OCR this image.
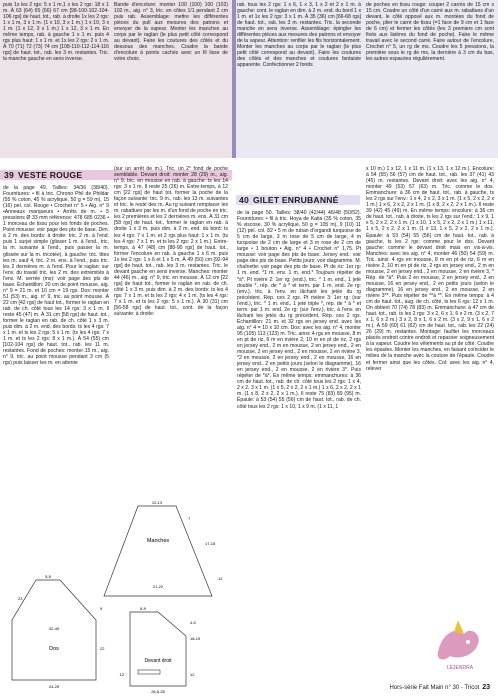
puis 1x les 2 rgs: 5 x 1 m,1 x les 2 rgs: 18 x 1 m. À 63 (64) 65 (66) 67 cm [98-100-102-104-106 rgs] de haut. tot., rab. à droite 1x les 2 rgs: 1 x 1 m, 3 x 1 m. (1 x 10, 3 x 1 m.) 1 x 10, 3 x 1 m. (1 x 12, 3 x 1 m.) 1 x 12, 3 x 1 m. En même temps, rab. à gauche 1 x 1 m. puis 4 rgs plus haut: 1 x 1 m. et 1x les 2 rgs: 2 x 1 m. À 70 (71) 72 (73) 74 cm [108-110-112-114-116 rgs] de haut. tot., rab. les 3 m. restantes. Tric. la manche gauche en sens inverse.

Bande d'encolure: monter 100 (100) 100 (102) 102 m., aig. n° 3, tric. en côtes 1/1 pendant 2 cm puis rab. Assemblage: mettre les différentes pièces du pull aux mesures des patrons et envoyer de la vapeur. Monter les manches au corps par le raglan (le plus petit côté correspond au devant). Faire les coutures des côtés et du dessous des manches. Coudre la bande d'encolure à points cachés avec un fil lisse de votre choix.

rab. tous les 2 rgs: 1 x 6, 1 x 3, 1 x 2 et 2 x 1 m. à gauche: cont. le raglan en dim. à 2 m. end. du bord 1 x 1 m. et 1x les 2 rgs: 3 x 1 m. À 35 (36) cm [66-68 rgs] de haut. tot., rab. les 3 m. restantes. Tric. la seconde manche en sens inverse. Assemblage: épingler les différentes pièces aux mesures des patrons et envoyer de la vapeur. Attention: renfiler les fils horizontalement. Monter les manches au corps par le raglan (le plus petit côté correspond au devant). Faire les coutures des côtés et des manches et coutures fantaisie apparente. Confectionner 2 fonds

de poches en tissu rouge: couper 2 carrés de 15 cm x 15 cm. Coudre un côté d'un carré aux m. rabattues d'un devant, le côté opposé aux m. montées du fond de poche, plier le carré de tissu (=1 face de 9 cm et 1 face de 6 cm) et fermer les côtés (les 3 premiers cm sont fixés aux lisières du fond de poche). Faire le même travail avec le second carré. Faire autour de l'encolure, Crochet n° 5, un rg de ms. Coudre les 5 pressions, la première sous le rg de ms, la dernière à 3 cm du bas, les autres espacées régulièrement.

39 VESTE ROUGE

de la page 49. Tailles: 34/36 (38/40). Fournitures: • fil à tric. Chrono Phil de Phildar (55 % coton, 45 % acrylique, 50 g = 59 m), 15 (16) pel. col. Rouge • Crochet n° 5 • Aig. n° 9 •Anneaux marqueurs • Arrêts de m. • 5 pressions Ø 33 mm référence: 478 685 0236 • 1 morceau de tissu pour les fonds de poches. Point mousse: voir page des pts de base. Dim. à 2 m. des bords: à droite: tric. 2 m. à l'end. puis 1 surjet simple (glisser 1 m. à l'end., tric. la m. suivante à l'end., puis passer la m. glissée sur la m. tricotée). à gauche: tric. tttes les m. sauf 4, tric. 2 m. ens. à l'end., puis tric. les 2 dernières m. à l'end. Pour le raglan: sur l'env. du travail tric. les 2 m. des extrémités à l'env. M. serrée (ms): voir page des pts de base. Échantillon: 20 cm de point mousse, aig. n° 9 = 21 m. et 10 cm = 19 rgs. Dos: monter 51 (53) m., aig. n° 9, tric. au point mousse. À 22 cm [42 rgs] de haut tot., former le raglan en rab. de ch. côté tous les 14 rgs: 3 x 1 m. Il reste 45 (47) m. À 31 cm [58 rgs] de haut. tot., former le raglan en rab. de ch. côté 1 x 3 m. puis dim. à 2 m. end. des bords: ts les 4 rgs: 7 x 1 m. et ts les 2 rgs: 5 x 1 m. (ts les 4 rgs: 7 x 1 m. et ts les 2 rgs: 8 x 1 m.). À 54 (55) cm [102-104 rgs] de haut. tot., rab. les 11 m. restantes. Fond de poches: monter 15 m., aig. n° 9, tric. au point mousse pendant 3 cm (5 rgs) puis laisser les m. en attente

(sur un arrêt de m.). Tric. un 2° fond de poche semblable. Devant droit: monter 28 (29) m., aig. n° 9, tric. en mousse en rab. à gauche: ts les 14 rgs: 3 x 1 m. Il reste 25 (26) m. Entre-temps, à 12 cm [22 rgs] de haut tot. former la poche de la façon suivante: tric. 9 m., rab. les 13 m. suivantes et tric. le reste des m. Au rg suivant remplacer les m. rabattues par les m. d'un fond de poche en tric. les 2 premières et les 2 dernières m. ens. À 31 cm [58 rgs] de haut. tot., former le raglan en rab. à droite 1 x 3 m. puis dim. à 2 m. end. du bord: ts les 4 rgs: 7 x 1 m. et 2 rgs plus haut: 1 x 1 m. (ts les 4 rgs: 7 x 1 m. et ts les 2 rgs: 2 x 1 m.). Entre-temps, à 47 (48) cm [88-90 rgs] de haut. tot., former l'encolure en rab. à gauche 1 x 6 m. puis 1x les 2 rgs: 1 x 6 et 1 x 5 m. À 49 (50) cm [92-94 rgs] de haut. tot., rab. les 3 m. restantes. Tric. le devant gauche en sens inverse. Manches: monter 44 (46) m., aig. n° 9, tric. en mousse. À 12 cm [22 rgs] de haut tot., former le raglan en rab. de ch. côté 1 x 3 m. puis dim. à 2 m. des bords: ts les 4 rgs: 7 x 1 m. et ts les 2 rgs: 4 x 1 m. (ts les 4 rgs: 7 x 1 m. et ts les 2 rgs: 5 x 1 m.). À 30 (31) cm [56-58 rgs] de haut. tot., cont. de la façon suivante: à droite:

40 GILET ENRUBANNÉ

de la page 50. Tailles: 38/40 (42/44) 46/48 (50/52). Fournitures: • fil à tric. Hoya de Katia (35 % coton, 35 % viscose, 30 % acrylique, 50 g = 105 m), 9 (10) 11 (12) pel. col. 82 • 5 m de ruban d'organdi turquoise de 5 cm de large, 3 m rose de 5 cm de large, 4 m turquoise de 2 cm de large et 3 m rose de 2 cm de large • 1 bouton • Aig. n° 4 • Crochet n° 1,75. Pt mousse: voir page des pts de base. Jersey end.: voir page des pts de base. Petits jours: voir diagramme. M. chaînette: voir page des pts de base. Pt de riz: 1er rg: 1 m. end. *1 m. env. 1 m. end.* Toujours répéter de *à*. Pt rivière 2: 1er rg: (end.), tric. * 1 m. end., 1 jeté double *, rép. de * à * et term. par 1 m. end. 2e rg: (env.), tric. à l'env. en lâchant les jetés du rg précédent. Rép. ces 2 rgs. Pt rivière 3: 1er rg: (sur l'end.), tric. * 1 m. end., 1 jeté triple *, rép. de * à * et term. par 1 m. end. 2e rg: (sur l'env.), tric. à l'env. en lâchant les jetés du rg précédent. Rép. ces 2 rgs. Échantillon: 21 m. et 32 rgs en jersey end. avec les aig. n° 4 = 10 x 10 cm. Dos: avec les aig. n° 4, monter 95 (105) 113 (123) m. Tric. ainsi: 4 rgs en mousse, 8 m en pt de riz, 6 m en rivière 2, 10 m en pt de riz, 2 rgs en jersey end., 2 m en mousse, 2 en jersey end., 2 en mousse, 2 en jersey end., 2 en mousse, 2 en rivière 3, *2 en mousse, 2 en jersey end., 2 en mousse, 16 en jersey end., 2 en petits jours (selon le diagramme), 16 en jersey end., 2 en mousse, 2 en rivière 3*. Puis répéter de *à*. En même temps: emmanchures: à 36 cm de haut. tot., rab. de ch. côté tous les 2 rgs: 1 x 4, 2 x 2, 3 x 1 m. (1 x 5, 2 x 2, 2 x 1 m.) 1 x 6, 2 x 2, 2 x 1 m. (1 x 8, 2 x 2, 2 x 1 m.). Il reste 75 (83) 89 (95) m. Épaule: à 53 (54) 55 (56) cm de haut. tot., rab. de ch. côté tous les 2 rgs: 1 x 10, 1 x 9 m. (1 x 11, 1

x 10 m.) 1 x 12, 1 x 11 m. (1 x 13, 1 x 12 m.). Encolure: à 54 (55) 56 (57) cm de haut. tot., rab. les 37 (41) 43 (45) m. restantes. Devant droit: avec les aig. n° 4, monter 49 (53) 57 (63) m. Tric. comme le dos. Emmanchure: à 36 cm de haut. tot., rab. à gauche, ts les 2 rgs sur l'env.: 1 x 4, 2 x 2, 3 x 1 m. (1 x 5, 2 x 2, 2 x 1 m.) 1 x 6, 2 x 2, 2 x 1 m. (1 x 8, 2 x 2, 2 x 1 m.). Il reste 39 (42) 45 (49) m. En même temps: encolure: à 36 cm de haut. tot., rab. à droite, ts les 2 rgs sur l'end.: 1 x 9, 1 x 5, 2 x 2, 2 x 1 m. (1 x 10, 1 x 5, 2 x 2, 2 x 1 m.) 1 x 11, 1 x 5, 2 x 2, 2 x 1 m. (1 x 13, 1 x 5, 2 x 2, 2 x 1 m.). Épaule: à 53 (54) 55 (56) cm de haut. tot., rab. à gauche, ts les 2 rgs: comme pour le dos. Devant gauche: comme le devant droit mais en vis-à-vis. Manches: avec les aig. n° 4, monter 46 (50) 54 (59) m. Tric. ainsi: 4 rgs en mousse, 8 m en pt de riz, 6 m en rivière 2, 10 m en pt de riz, 2 rgs en jersey end., 2 m en mousse, 2 en jersey end., 2 en mousse, 2 en rivière 3, * Rép. de *à*. Puis 2 en mousse, 2 en jersey end., 2 en mousse, 16 en jersey end., 2 en petits jours (selon le diagramme), 16 en jersey end., 2 en mousse, 2 en rivière 3**. Puis répéter de **à **. En même temps: à 4 cm de haut. tot., aug. de ch. côté, ts les 6 rgs: 12 x 1 m. On obtient 70 (74) 78 (83) m. Emmanchure: à 47 cm de haut. tot., rab. ts les 2 rgs: 3 x 2, 6 x 1, 6 x 2 m. (3 x 2, 7 x 1, 6 x 2 m.) 3 x 2, 8 x 1, 6 x 2 m. (3 x 2, 9 x 1, 6 x 2 m.). À 59 (60) 61 (62) cm de haut. tot., rab. les 22 (24) 26 (29) m. restantes. Montage: faufiler les morceaux placés endroit contre endroit et repasser soigneusement à la vapeur. Coudre les vêtements au pt de côté. Coudre les épaules. Monter les manches, en faisant coïncider le milieu de la manche avec la couture de l'épaule. Coudre et fermer ainsi que les côtés. Col: avec les aig. n° 4, relever

Manches
12-13
7
17-18
21-22
12
Dos
5-5
23
9
22
42-45
24-25
Devant droit
8-9
4-5
18-19
12
12
26,5-28
LEJENDRA
Hors-série Fait Main n° 30 - Tricot 23
